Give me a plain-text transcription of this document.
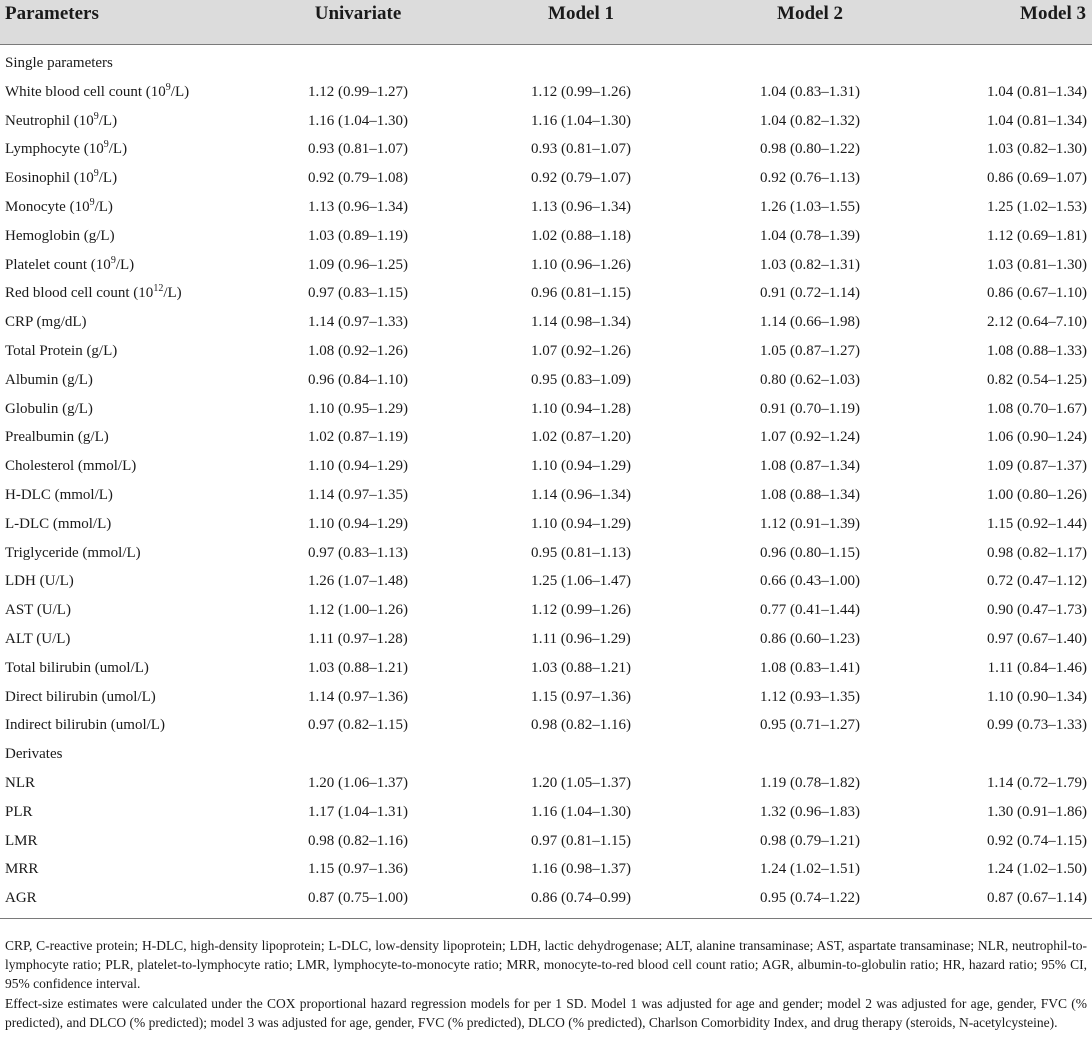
Parameters	Univariate	Model 1	Model 2	Model 3
Single parameters
White blood cell count $(10^9/L)$	1.12 (0.99–1.27)	1.12 (0.99–1.26)	1.04 (0.83–1.31)	1.04 (0.81–1.34)
Neutrophil $(10^9/L)$	1.16 (1.04–1.30)	1.16 (1.04–1.30)	1.04 (0.82–1.32)	1.04 (0.81–1.34)
Lymphocyte $(10^9/L)$	0.93 (0.81–1.07)	0.93 (0.81–1.07)	0.98 (0.80–1.22)	1.03 (0.82–1.30)
Eosinophil $(10^9/L)$	0.92 (0.79–1.08)	0.92 (0.79–1.07)	0.92 (0.76–1.13)	0.86 (0.69–1.07)
Monocyte $(10^9/L)$	1.13 (0.96–1.34)	1.13 (0.96–1.34)	1.26 (1.03–1.55)	1.25 (1.02–1.53)
Hemoglobin (g/L)	1.03 (0.89–1.19)	1.02 (0.88–1.18)	1.04 (0.78–1.39)	1.12 (0.69–1.81)
Platelet count $(10^9/L)$	1.09 (0.96–1.25)	1.10 (0.96–1.26)	1.03 (0.82–1.31)	1.03 (0.81–1.30)
Red blood cell count $(10^{12}/L)$	0.97 (0.83–1.15)	0.96 (0.81–1.15)	0.91 (0.72–1.14)	0.86 (0.67–1.10)
CRP (mg/dL)	1.14 (0.97–1.33)	1.14 (0.98–1.34)	1.14 (0.66–1.98)	2.12 (0.64–7.10)
Total Protein (g/L)	1.08 (0.92–1.26)	1.07 (0.92–1.26)	1.05 (0.87–1.27)	1.08 (0.88–1.33)
Albumin (g/L)	0.96 (0.84–1.10)	0.95 (0.83–1.09)	0.80 (0.62–1.03)	0.82 (0.54–1.25)
Globulin (g/L)	1.10 (0.95–1.29)	1.10 (0.94–1.28)	0.91 (0.70–1.19)	1.08 (0.70–1.67)
Prealbumin (g/L)	1.02 (0.87–1.19)	1.02 (0.87–1.20)	1.07 (0.92–1.24)	1.06 (0.90–1.24)
Cholesterol (mmol/L)	1.10 (0.94–1.29)	1.10 (0.94–1.29)	1.08 (0.87–1.34)	1.09 (0.87–1.37)
H-DLC (mmol/L)	1.14 (0.97–1.35)	1.14 (0.96–1.34)	1.08 (0.88–1.34)	1.00 (0.80–1.26)
L-DLC (mmol/L)	1.10 (0.94–1.29)	1.10 (0.94–1.29)	1.12 (0.91–1.39)	1.15 (0.92–1.44)
Triglyceride (mmol/L)	0.97 (0.83–1.13)	0.95 (0.81–1.13)	0.96 (0.80–1.15)	0.98 (0.82–1.17)
LDH (U/L)	1.26 (1.07–1.48)	1.25 (1.06–1.47)	0.66 (0.43–1.00)	0.72 (0.47–1.12)
AST (U/L)	1.12 (1.00–1.26)	1.12 (0.99–1.26)	0.77 (0.41–1.44)	0.90 (0.47–1.73)
ALT (U/L)	1.11 (0.97–1.28)	1.11 (0.96–1.29)	0.86 (0.60–1.23)	0.97 (0.67–1.40)
Total bilirubin (umol/L)	1.03 (0.88–1.21)	1.03 (0.88–1.21)	1.08 (0.83–1.41)	1.11 (0.84–1.46)
Direct bilirubin (umol/L)	1.14 (0.97–1.36)	1.15 (0.97–1.36)	1.12 (0.93–1.35)	1.10 (0.90–1.34)
Indirect bilirubin (umol/L)	0.97 (0.82–1.15)	0.98 (0.82–1.16)	0.95 (0.71–1.27)	0.99 (0.73–1.33)
Derivates
NLR	1.20 (1.06–1.37)	1.20 (1.05–1.37)	1.19 (0.78–1.82)	1.14 (0.72–1.79)
PLR	1.17 (1.04–1.31)	1.16 (1.04–1.30)	1.32 (0.96–1.83)	1.30 (0.91–1.86)
LMR	0.98 (0.82–1.16)	0.97 (0.81–1.15)	0.98 (0.79–1.21)	0.92 (0.74–1.15)
MRR	1.15 (0.97–1.36)	1.16 (0.98–1.37)	1.24 (1.02–1.51)	1.24 (1.02–1.50)
AGR	0.87 (0.75–1.00)	0.86 (0.74–0.99)	0.95 (0.74–1.22)	0.87 (0.67–1.14)

CRP, C-reactive protein; H-DLC, high-density lipoprotein; L-DLC, low-density lipoprotein; LDH, lactic dehydrogenase; ALT, alanine transaminase; AST, aspartate transaminase; NLR, neutrophil-to-lymphocyte ratio; PLR, platelet-to-lymphocyte ratio; LMR, lymphocyte-to-monocyte ratio; MRR, monocyte-to-red blood cell count ratio; AGR, albumin-to-globulin ratio; HR, hazard ratio; 95% CI, 95% confidence interval.

Effect-size estimates were calculated under the COX proportional hazard regression models for per 1 SD. Model 1 was adjusted for age and gender; model 2 was adjusted for age, gender, FVC (% predicted), and DLCO (% predicted); model 3 was adjusted for age, gender, FVC (% predicted), DLCO (% predicted), Charlson Comorbidity Index, and drug therapy (steroids, N-acetylcysteine).
